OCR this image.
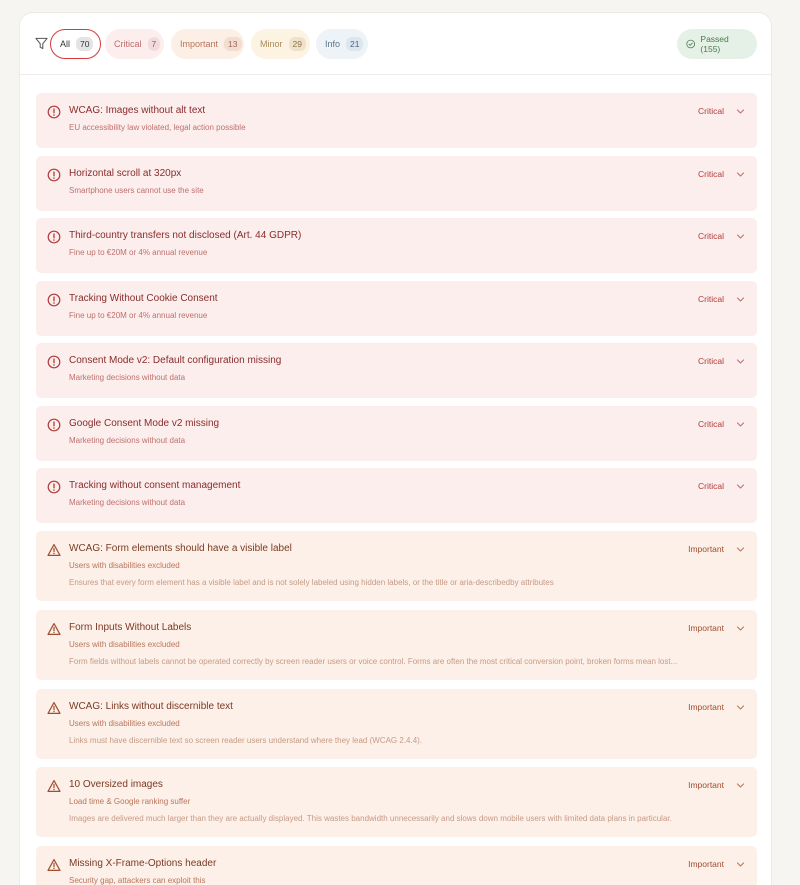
All	70	Critical	7	Important	13	Minor	29	Info	21	Passed (155)
WCAG: Images without alt text
EU accessibility law violated, legal action possible
Critical
Horizontal scroll at 320px
Smartphone users cannot use the site
Critical
Third-country transfers not disclosed (Art. 44 GDPR)
Fine up to €20M or 4% annual revenue
Critical
Tracking Without Cookie Consent
Fine up to €20M or 4% annual revenue
Critical
Consent Mode v2: Default configuration missing
Marketing decisions without data
Critical
Google Consent Mode v2 missing
Marketing decisions without data
Critical
Tracking without consent management
Marketing decisions without data
Critical
WCAG: Form elements should have a visible label
Users with disabilities excluded
Ensures that every form element has a visible label and is not solely labeled using hidden labels, or the title or aria-describedby attributes
Important
Form Inputs Without Labels
Users with disabilities excluded
Form fields without labels cannot be operated correctly by screen reader users or voice control. Forms are often the most critical conversion point, broken forms mean lost...
Important
WCAG: Links without discernible text
Users with disabilities excluded
Links must have discernible text so screen reader users understand where they lead (WCAG 2.4.4).
Important
10 Oversized images
Load time & Google ranking suffer
Images are delivered much larger than they are actually displayed. This wastes bandwidth unnecessarily and slows down mobile users with limited data plans in particular.
Important
Missing X-Frame-Options header
Security gap, attackers can exploit this
Important
